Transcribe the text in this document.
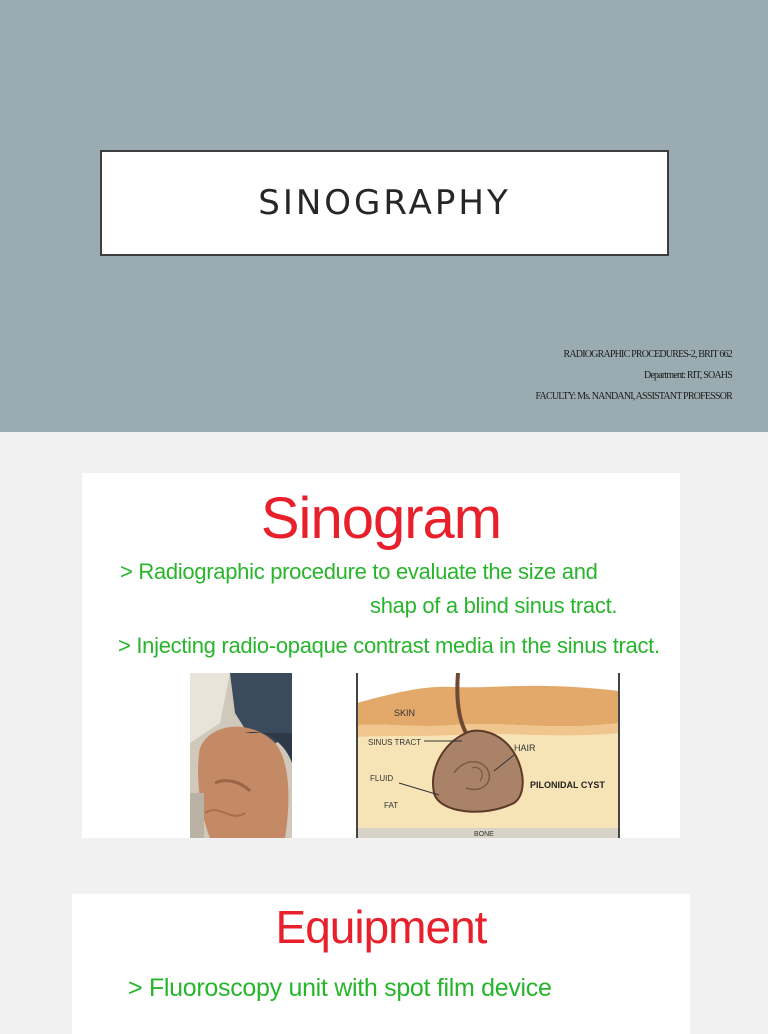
SINOGRAPHY
RADIOGRAPHIC PROCEDURES-2, BRIT 662
Department: RIT, SOAHS
FACULTY: Ms. NANDANI, ASSISTANT PROFESSOR
Sinogram
> Radiographic procedure to evaluate the size and
shap of a blind sinus tract.
> Injecting radio-opaque contrast media in the sinus tract.
SKIN
SINUS TRACT
HAIR
FLUID
PILONIDAL CYST
FAT
BONE
Equipment
> Fluoroscopy unit with spot film device
